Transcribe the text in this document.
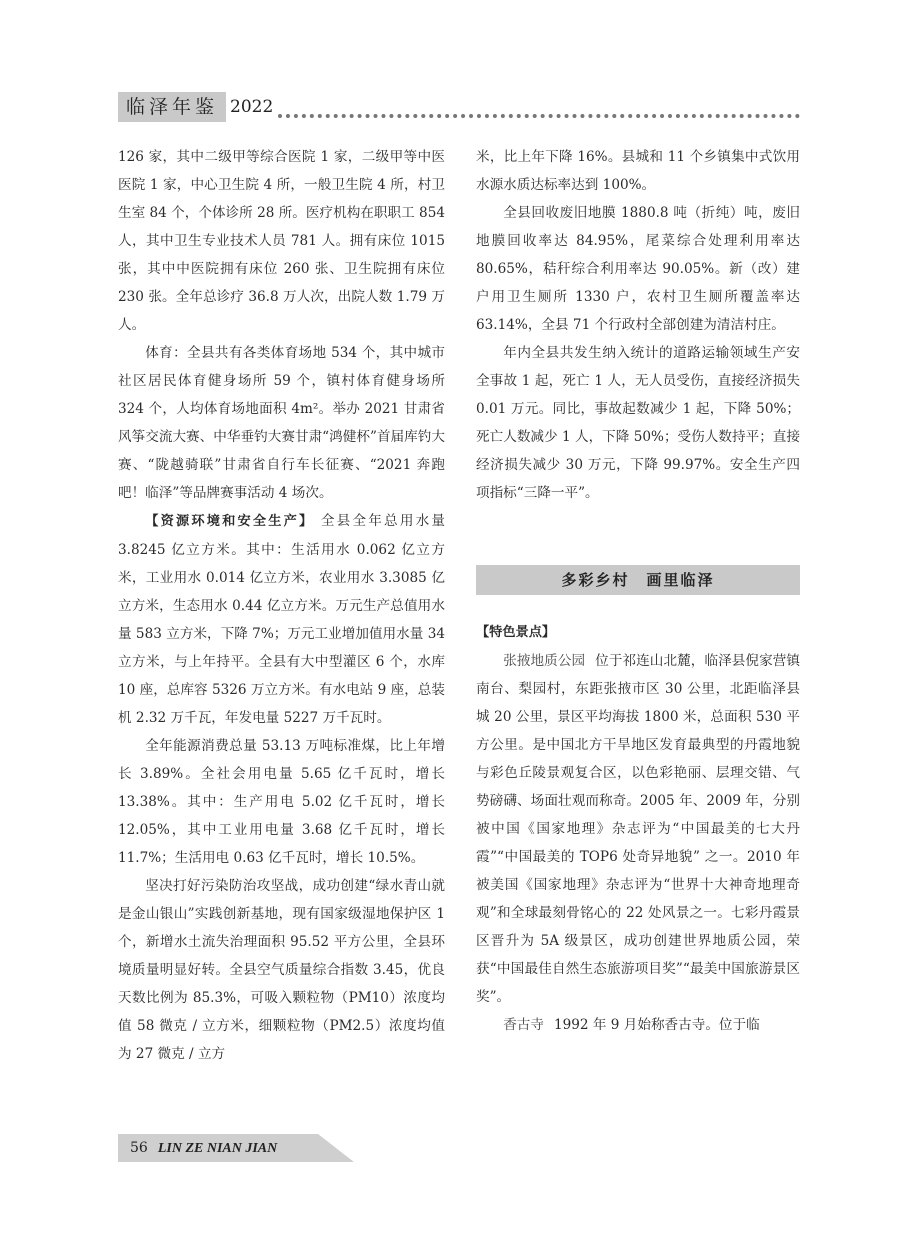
临泽年鉴 2022

126 家，其中二级甲等综合医院 1 家，二级甲等中医医院 1 家，中心卫生院 4 所，一般卫生院 4 所，村卫生室 84 个，个体诊所 28 所。医疗机构在职职工 854 人，其中卫生专业技术人员 781 人。拥有床位 1015 张，其中中医院拥有床位 260 张、卫生院拥有床位 230 张。全年总诊疗 36.8 万人次，出院人数 1.79 万人。

体育：全县共有各类体育场地 534 个，其中城市社区居民体育健身场所 59 个，镇村体育健身场所 324 个，人均体育场地面积 4m²。举办 2021 甘肃省风筝交流大赛、中华垂钓大赛甘肃“鸿健杯”首届库钓大赛、“陇越骑联”甘肃省自行车长征赛、“2021 奔跑吧！临泽”等品牌赛事活动 4 场次。

【资源环境和安全生产】 全县全年总用水量 3.8245 亿立方米。其中：生活用水 0.062 亿立方米，工业用水 0.014 亿立方米，农业用水 3.3085 亿立方米，生态用水 0.44 亿立方米。万元生产总值用水量 583 立方米，下降 7%；万元工业增加值用水量 34 立方米，与上年持平。全县有大中型灌区 6 个，水库 10 座，总库容 5326 万立方米。有水电站 9 座，总装机 2.32 万千瓦，年发电量 5227 万千瓦时。

全年能源消费总量 53.13 万吨标准煤，比上年增长 3.89%。全社会用电量 5.65 亿千瓦时，增长 13.38%。其中：生产用电 5.02 亿千瓦时，增长 12.05%，其中工业用电量 3.68 亿千瓦时，增长 11.7%；生活用电 0.63 亿千瓦时，增长 10.5%。

坚决打好污染防治攻坚战，成功创建“绿水青山就是金山银山”实践创新基地，现有国家级湿地保护区 1 个，新增水土流失治理面积 95.52 平方公里，全县环境质量明显好转。全县空气质量综合指数 3.45，优良天数比例为 85.3%，可吸入颗粒物（PM10）浓度均值 58 微克 / 立方米，细颗粒物（PM2.5）浓度均值为 27 微克 / 立方

米，比上年下降 16%。县城和 11 个乡镇集中式饮用水源水质达标率达到 100%。

全县回收废旧地膜 1880.8 吨（折纯）吨，废旧地膜回收率达 84.95%，尾菜综合处理利用率达 80.65%，秸秆综合利用率达 90.05%。新（改）建户用卫生厕所 1330 户，农村卫生厕所覆盖率达 63.14%，全县 71 个行政村全部创建为清洁村庄。

年内全县共发生纳入统计的道路运输领域生产安全事故 1 起，死亡 1 人，无人员受伤，直接经济损失 0.01 万元。同比，事故起数减少 1 起，下降 50%；死亡人数减少 1 人，下降 50%；受伤人数持平；直接经济损失减少 30 万元，下降 99.97%。安全生产四项指标“三降一平”。

多彩乡村　画里临泽

【特色景点】

张掖地质公园 位于祁连山北麓，临泽县倪家营镇南台、梨园村，东距张掖市区 30 公里，北距临泽县城 20 公里，景区平均海拔 1800 米，总面积 530 平方公里。是中国北方干旱地区发育最典型的丹霞地貌与彩色丘陵景观复合区，以色彩艳丽、层理交错、气势磅礴、场面壮观而称奇。2005 年、2009 年，分别被中国《国家地理》杂志评为“中国最美的七大丹霞”“中国最美的 TOP6 处奇异地貌” 之一。2010 年被美国《国家地理》杂志评为“世界十大神奇地理奇观”和全球最刻骨铭心的 22 处风景之一。七彩丹霞景区晋升为 5A 级景区，成功创建世界地质公园，荣获“中国最佳自然生态旅游项目奖”“最美中国旅游景区奖”。

香古寺 1992 年 9 月始称香古寺。位于临

56 LIN ZE NIAN JIAN
